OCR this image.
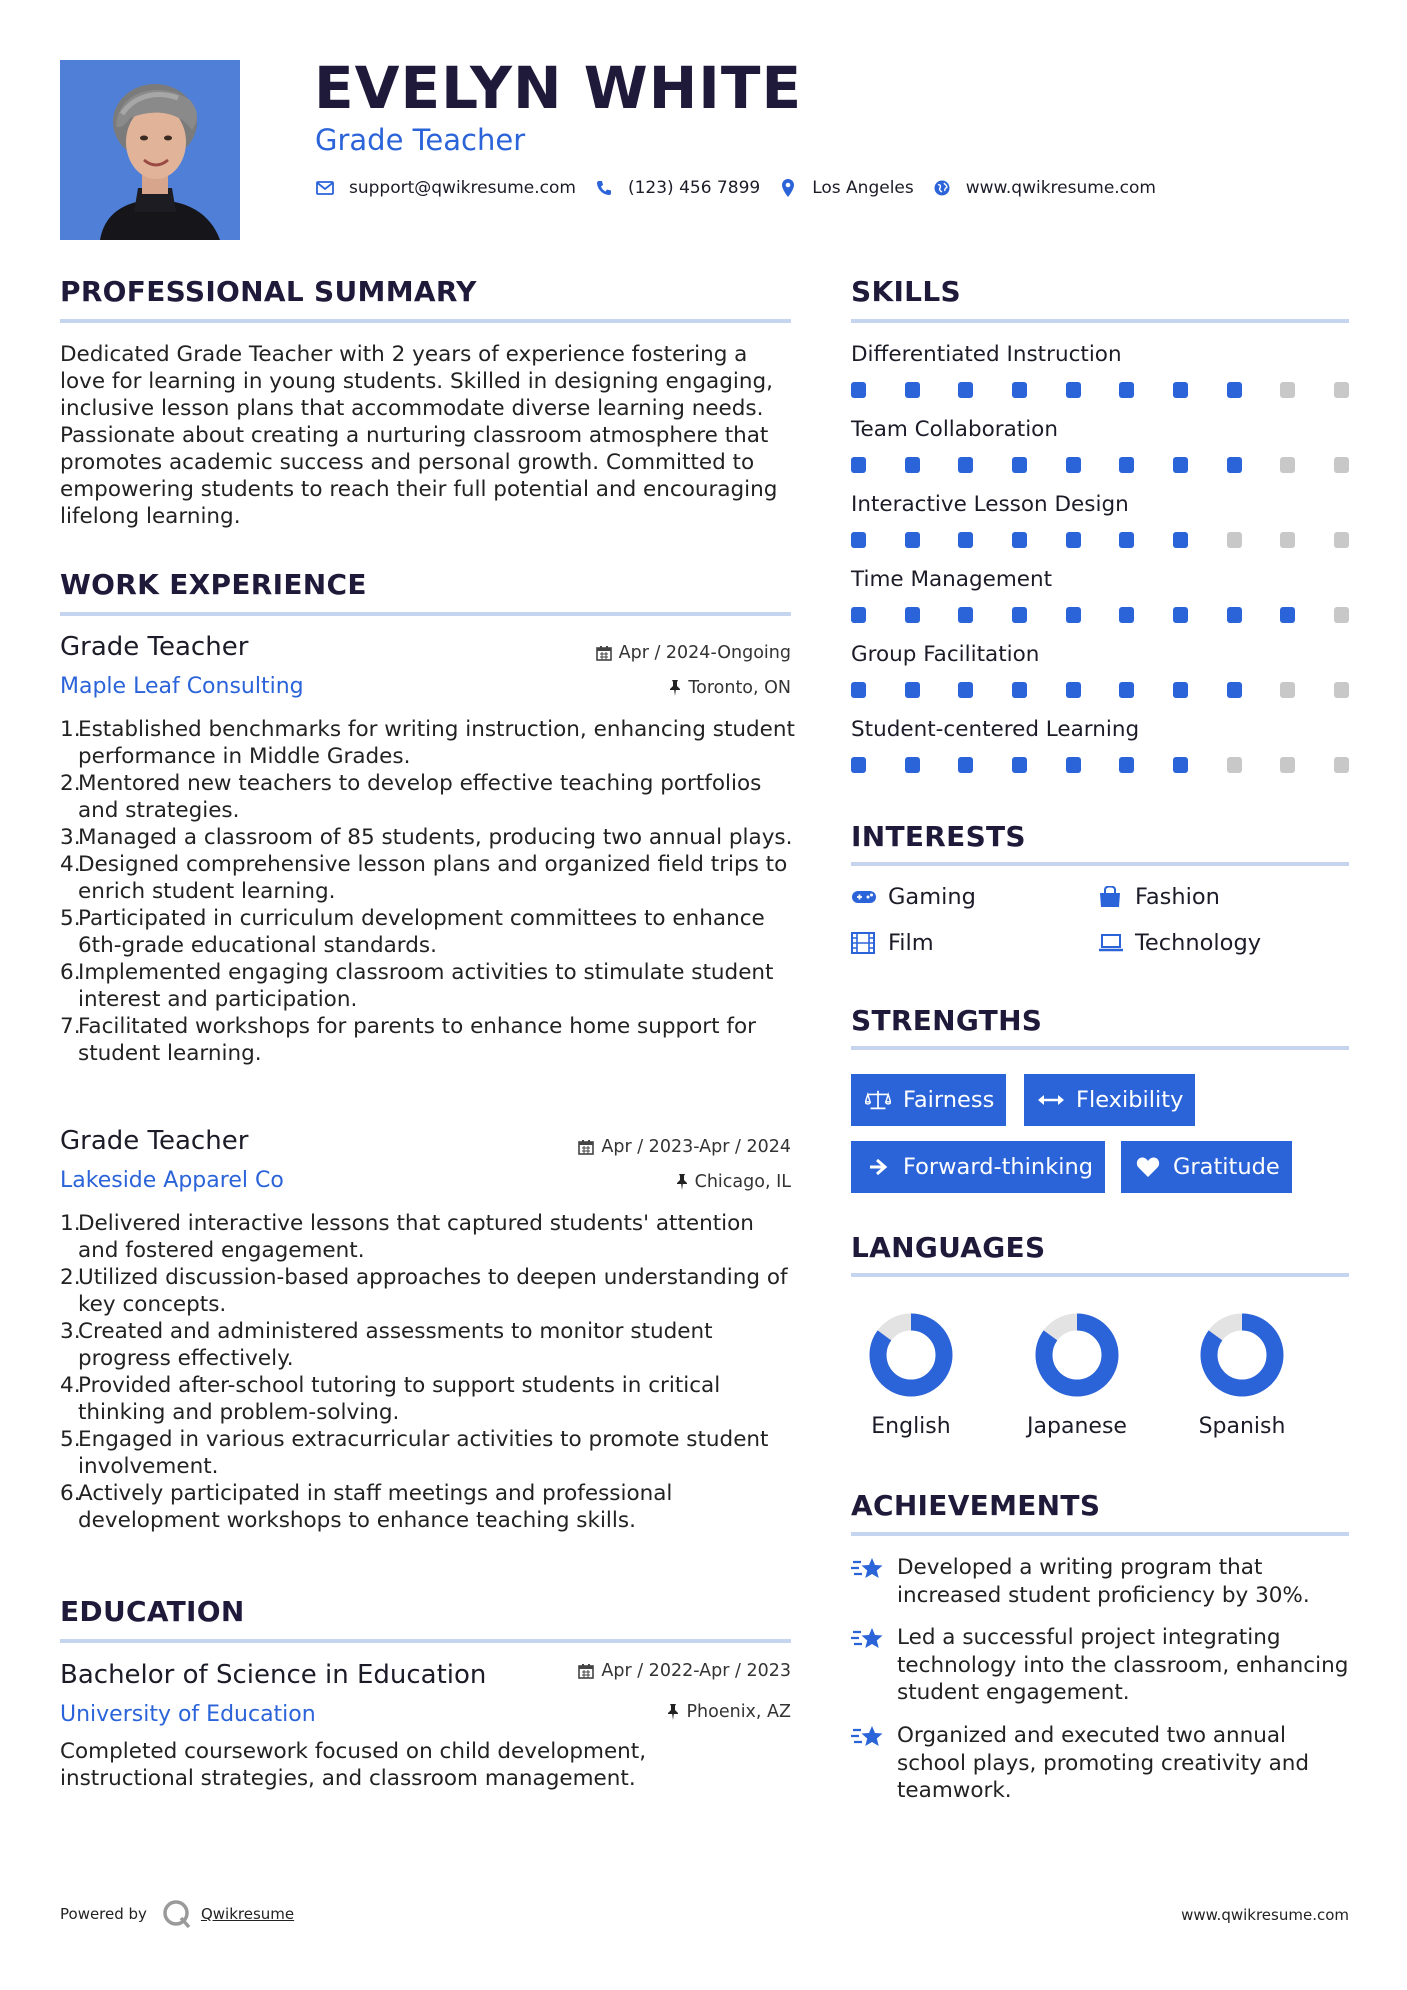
EVELYN WHITE
Grade Teacher
support@qwikresume.com	(123) 456 7899	Los Angeles	www.qwikresume.com
PROFESSIONAL SUMMARY
Dedicated Grade Teacher with 2 years of experience fostering a love for learning in young students. Skilled in designing engaging, inclusive lesson plans that accommodate diverse learning needs. Passionate about creating a nurturing classroom atmosphere that promotes academic success and personal growth. Committed to empowering students to reach their full potential and encouraging lifelong learning.
WORK EXPERIENCE
Grade Teacher	Apr / 2024-Ongoing
Maple Leaf Consulting	Toronto, ON
Established benchmarks for writing instruction, enhancing student performance in Middle Grades.
Mentored new teachers to develop effective teaching portfolios and strategies.
Managed a classroom of 85 students, producing two annual plays.
Designed comprehensive lesson plans and organized field trips to enrich student learning.
Participated in curriculum development committees to enhance 6th-grade educational standards.
Implemented engaging classroom activities to stimulate student interest and participation.
Facilitated workshops for parents to enhance home support for student learning.
Grade Teacher	Apr / 2023-Apr / 2024
Lakeside Apparel Co	Chicago, IL
Delivered interactive lessons that captured students' attention and fostered engagement.
Utilized discussion-based approaches to deepen understanding of key concepts.
Created and administered assessments to monitor student progress effectively.
Provided after-school tutoring to support students in critical thinking and problem-solving.
Engaged in various extracurricular activities to promote student involvement.
Actively participated in staff meetings and professional development workshops to enhance teaching skills.
EDUCATION
Bachelor of Science in Education	Apr / 2022-Apr / 2023
University of Education	Phoenix, AZ
Completed coursework focused on child development, instructional strategies, and classroom management.
SKILLS
Differentiated Instruction
Team Collaboration
Interactive Lesson Design
Time Management
Group Facilitation
Student-centered Learning
INTERESTS
Gaming	Fashion
Film	Technology
STRENGTHS
Fairness	Flexibility
Forward-thinking	Gratitude
LANGUAGES
English	Japanese	Spanish
ACHIEVEMENTS
Developed a writing program that increased student proficiency by 30%.
Led a successful project integrating technology into the classroom, enhancing student engagement.
Organized and executed two annual school plays, promoting creativity and teamwork.
Powered by	Qwikresume	www.qwikresume.com
